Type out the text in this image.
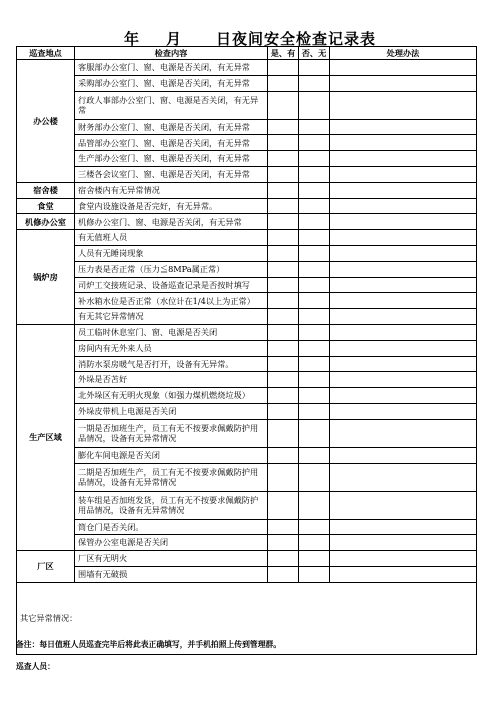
年 月 日夜间安全检查记录表
巡查地点	检查内容	是、有	否、无	处理办法
办公楼	客服部办公室门、窗、电源是否关闭，有无异常			
	采购部办公室门、窗、电源是否关闭，有无异常			
	行政人事部办公室门、窗、电源是否关闭，有无异常			
	财务部办公室门、窗、电源是否关闭，有无异常			
	品管部办公室门、窗、电源是否关闭，有无异常			
	生产部办公室门、窗、电源是否关闭，有无异常			
	三楼各会议室门、窗、电源是否关闭，有无异常			
宿舍楼	宿舍楼内有无异常情况			
食堂	食堂内设施设备是否完好，有无异常。			
机修办公室	机修办公室门、窗、电源是否关闭，有无异常			
锅炉房	有无值班人员			
	人员有无睡岗现象			
	压力表是否正常（压力≦8MPa属正常）			
	司炉工交接班记录、设备巡查记录是否按时填写			
	补水箱水位是否正常（水位计在1/4以上为正常）			
	有无其它异常情况			
生产区域	员工临时休息室门、窗、电源是否关闭			
	房间内有无外来人员			
	消防水泵房暖气是否打开，设备有无异常。			
	外垛是否苫好			
	北外垛区有无明火现象（如强力煤机燃烧垃圾）			
	外垛皮带机上电源是否关闭			
	一期是否加班生产，员工有无不按要求佩戴防护用品情况，设备有无异常情况			
	膨化车间电源是否关闭			
	二期是否加班生产，员工有无不按要求佩戴防护用品情况，设备有无异常情况			
	装车组是否加班发货，员工有无不按要求佩戴防护用品情况，设备有无异常情况			
	筒仓门是否关闭。			
	保管办公室电源是否关闭			
厂区	厂区有无明火			
	围墙有无破损			
其它异常情况：				
备注：每日值班人员巡查完毕后将此表正确填写，并手机拍照上传到管理群。
巡查人员：
